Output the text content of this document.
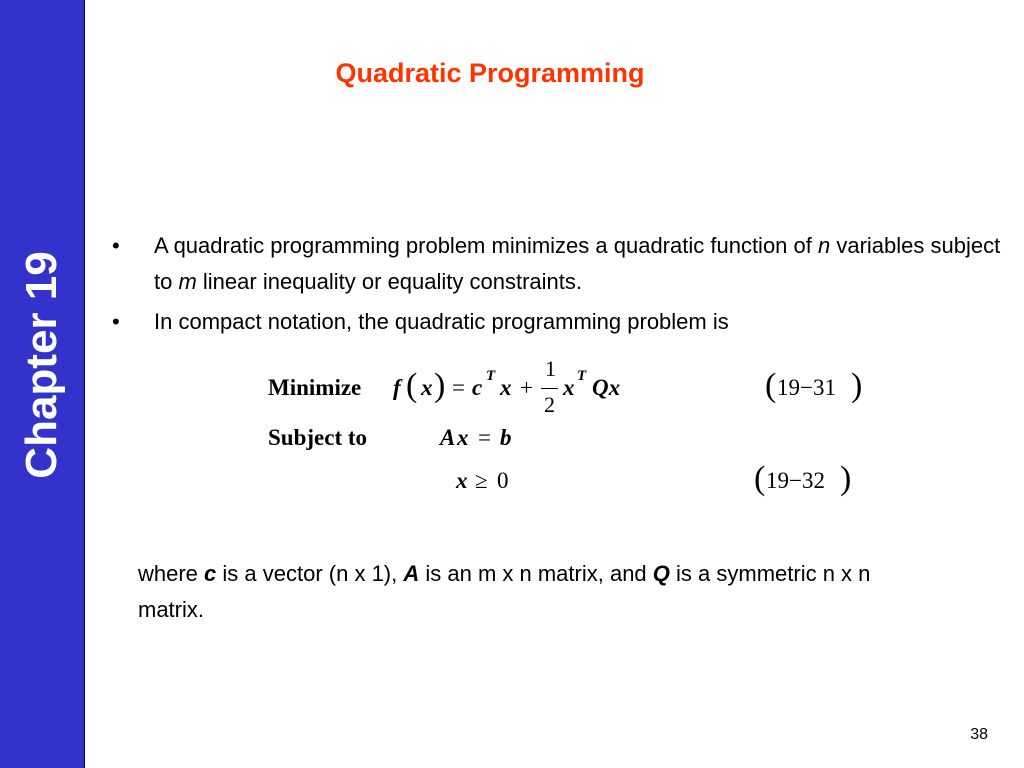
Chapter 19
Quadratic Programming
• A quadratic programming problem minimizes a quadratic function of n variables subject to m linear inequality or equality constraints.
• In compact notation, the quadratic programming problem is
Minimize f ( x ) = c T x +
1
2
x T Qx	( 19−31 )
Subject to	A x = b
x ≥ 0	( 19−32 )
where c is a vector (n x 1), A is an m x n matrix, and Q is a symmetric n x n matrix.
38
